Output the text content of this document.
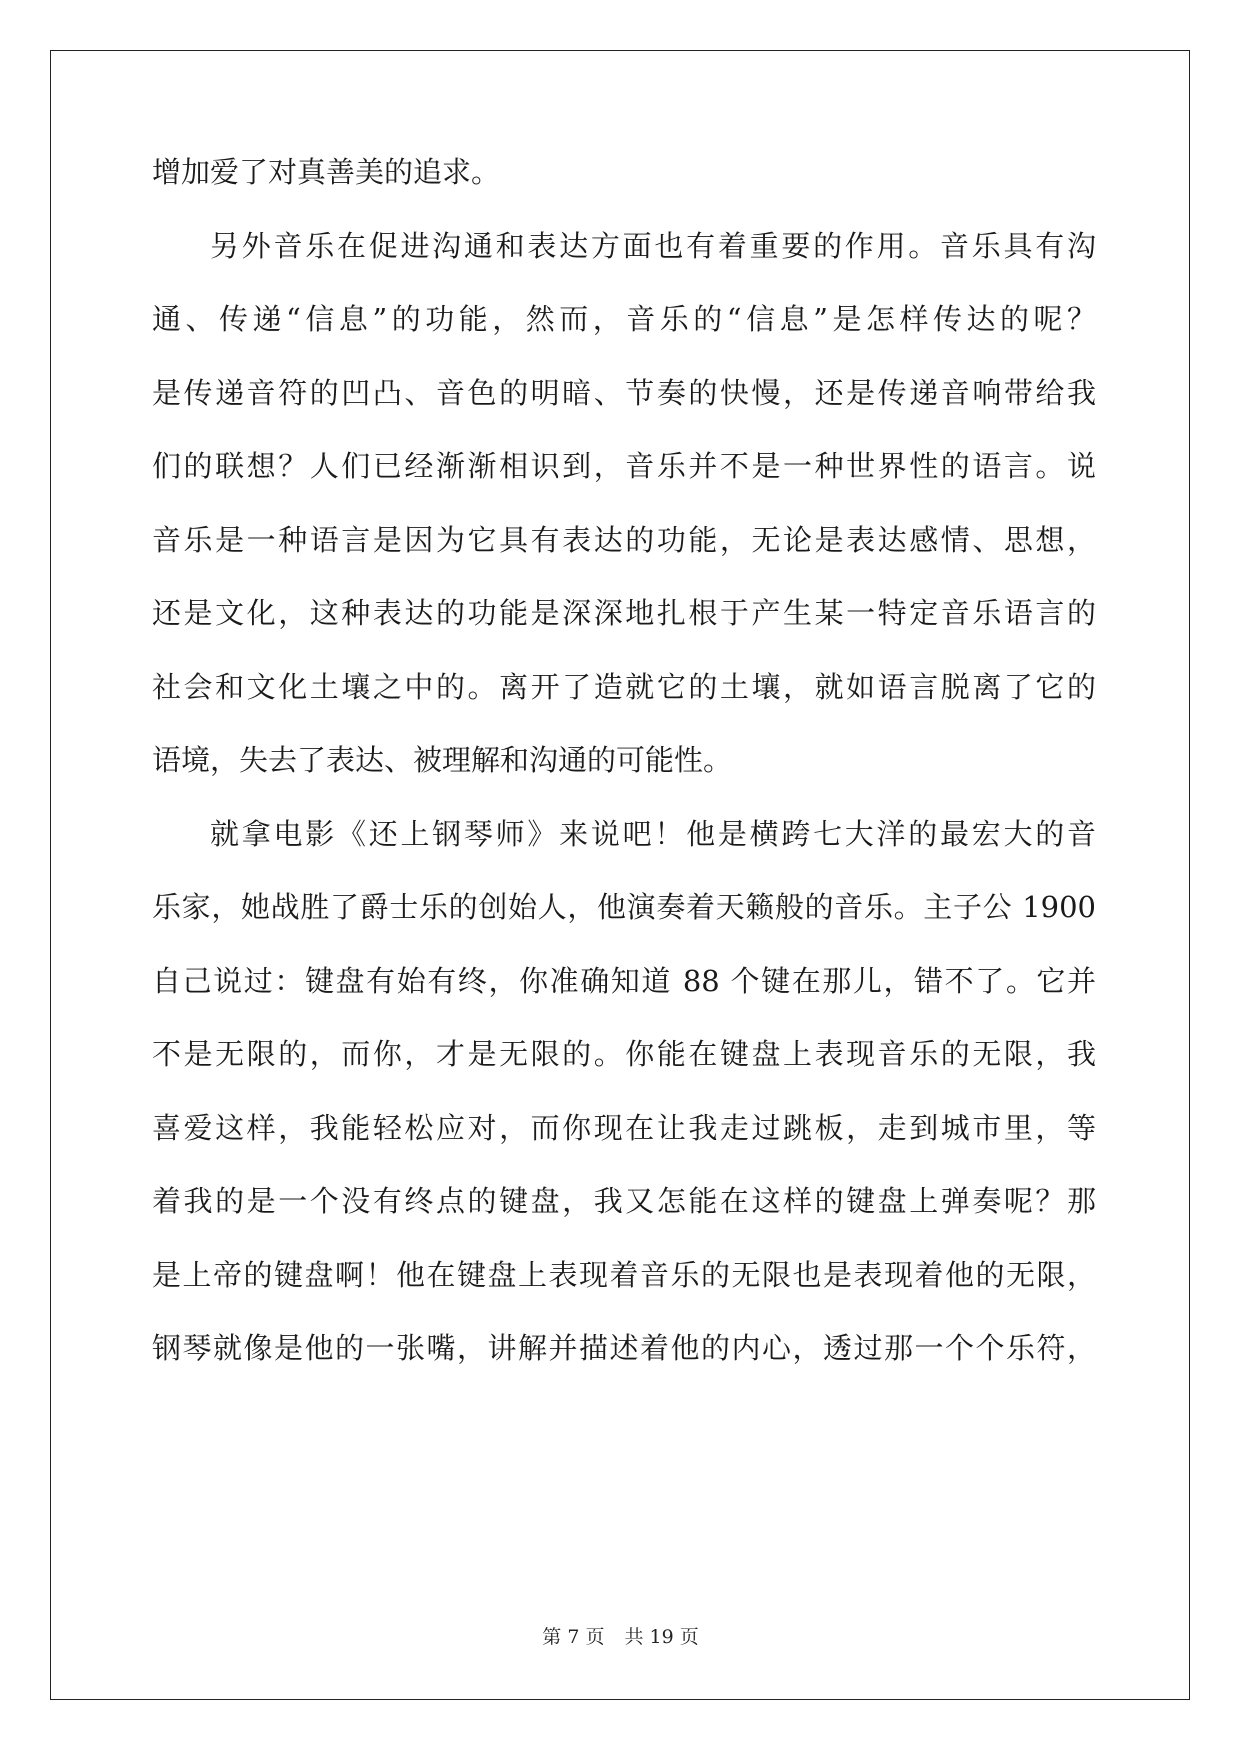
增加爱了对真善美的追求。

另外音乐在促进沟通和表达方面也有着重要的作用。音乐具有沟

通、传递“信息”的功能，然而，音乐的“信息”是怎样传达的呢？

是传递音符的凹凸、音色的明暗、节奏的快慢，还是传递音响带给我

们的联想？人们已经渐渐相识到，音乐并不是一种世界性的语言。说

音乐是一种语言是因为它具有表达的功能，无论是表达感情、思想，

还是文化，这种表达的功能是深深地扎根于产生某一特定音乐语言的

社会和文化土壤之中的。离开了造就它的土壤，就如语言脱离了它的

语境，失去了表达、被理解和沟通的可能性。

就拿电影《还上钢琴师》来说吧！他是横跨七大洋的最宏大的音

乐家，她战胜了爵士乐的创始人，他演奏着天籁般的音乐。主子公 1900

自己说过：键盘有始有终，你准确知道 88 个键在那儿，错不了。它并

不是无限的，而你，才是无限的。你能在键盘上表现音乐的无限，我

喜爱这样，我能轻松应对，而你现在让我走过跳板，走到城市里，等

着我的是一个没有终点的键盘，我又怎能在这样的键盘上弹奏呢？那

是上帝的键盘啊！他在键盘上表现着音乐的无限也是表现着他的无限，

钢琴就像是他的一张嘴，讲解并描述着他的内心，透过那一个个乐符，

第 7 页 共 19 页
